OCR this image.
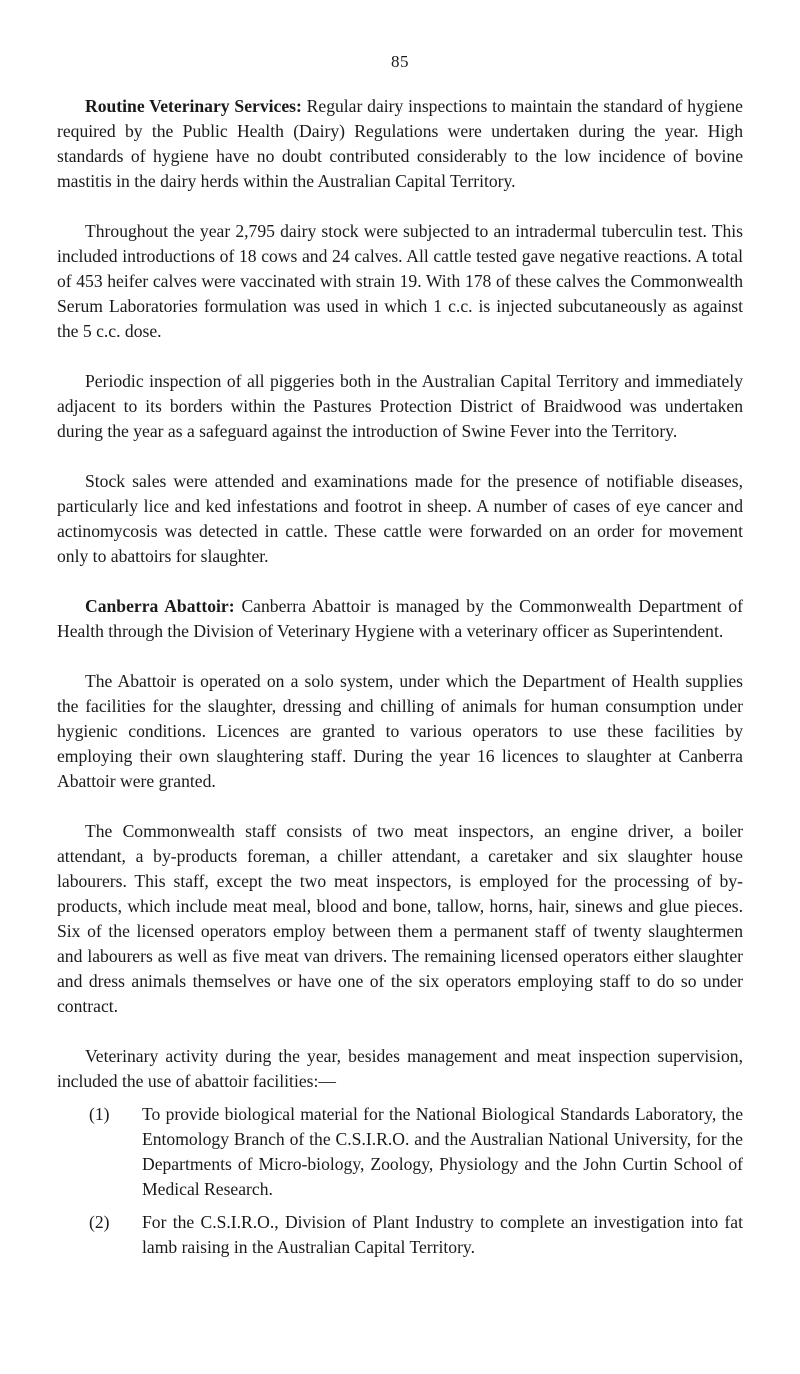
85

Routine Veterinary Services: Regular dairy inspections to maintain the standard of hygiene required by the Public Health (Dairy) Regulations were undertaken during the year. High standards of hygiene have no doubt contributed considerably to the low incidence of bovine mastitis in the dairy herds within the Australian Capital Territory.

Throughout the year 2,795 dairy stock were subjected to an intradermal tuberculin test. This included introductions of 18 cows and 24 calves. All cattle tested gave negative reactions. A total of 453 heifer calves were vaccinated with strain 19. With 178 of these calves the Commonwealth Serum Laboratories formulation was used in which 1 c.c. is injected subcutaneously as against the 5 c.c. dose.

Periodic inspection of all piggeries both in the Australian Capital Territory and immediately adjacent to its borders within the Pastures Protection District of Braidwood was undertaken during the year as a safeguard against the introduction of Swine Fever into the Territory.

Stock sales were attended and examinations made for the presence of notifiable diseases, particularly lice and ked infestations and footrot in sheep. A number of cases of eye cancer and actinomycosis was detected in cattle. These cattle were forwarded on an order for movement only to abattoirs for slaughter.

Canberra Abattoir: Canberra Abattoir is managed by the Commonwealth Department of Health through the Division of Veterinary Hygiene with a veterinary officer as Superintendent.

The Abattoir is operated on a solo system, under which the Department of Health supplies the facilities for the slaughter, dressing and chilling of animals for human consumption under hygienic conditions. Licences are granted to various operators to use these facilities by employing their own slaughtering staff. During the year 16 licences to slaughter at Canberra Abattoir were granted.

The Commonwealth staff consists of two meat inspectors, an engine driver, a boiler attendant, a by-products foreman, a chiller attendant, a caretaker and six slaughter house labourers. This staff, except the two meat inspectors, is employed for the processing of by-products, which include meat meal, blood and bone, tallow, horns, hair, sinews and glue pieces. Six of the licensed operators employ between them a permanent staff of twenty slaughtermen and labourers as well as five meat van drivers. The remaining licensed operators either slaughter and dress animals themselves or have one of the six operators employing staff to do so under contract.

Veterinary activity during the year, besides management and meat inspection supervision, included the use of abattoir facilities:—

(1)	To provide biological material for the National Biological Standards Laboratory, the Entomology Branch of the C.S.I.R.O. and the Australian National University, for the Departments of Micro-biology, Zoology, Physiology and the John Curtin School of Medical Research.
(2)	For the C.S.I.R.O., Division of Plant Industry to complete an investigation into fat lamb raising in the Australian Capital Territory.
